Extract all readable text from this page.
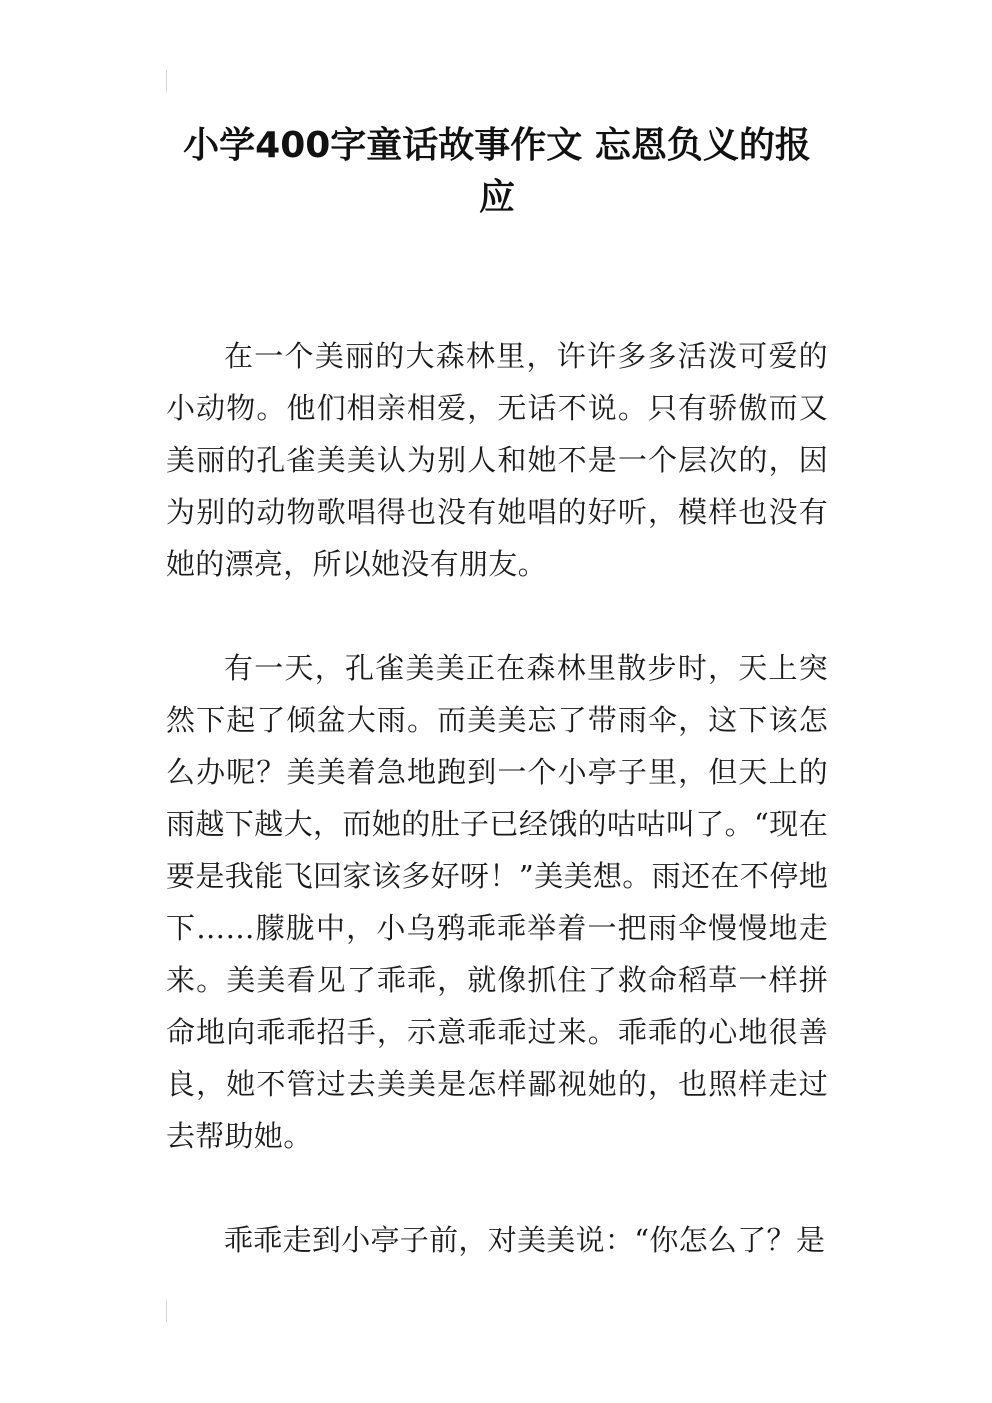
小学400字童话故事作文 忘恩负义的报应

在一个美丽的大森林里，许许多多活泼可爱的小动物。他们相亲相爱，无话不说。只有骄傲而又美丽的孔雀美美认为别人和她不是一个层次的，因为别的动物歌唱得也没有她唱的好听，模样也没有她的漂亮，所以她没有朋友。

有一天，孔雀美美正在森林里散步时，天上突然下起了倾盆大雨。而美美忘了带雨伞，这下该怎么办呢？美美着急地跑到一个小亭子里，但天上的雨越下越大，而她的肚子已经饿的咕咕叫了。“现在要是我能飞回家该多好呀！”美美想。雨还在不停地下……朦胧中，小乌鸦乖乖举着一把雨伞慢慢地走来。美美看见了乖乖，就像抓住了救命稻草一样拼命地向乖乖招手，示意乖乖过来。乖乖的心地很善良，她不管过去美美是怎样鄙视她的，也照样走过去帮助她。

乖乖走到小亭子前，对美美说：“你怎么了？是
